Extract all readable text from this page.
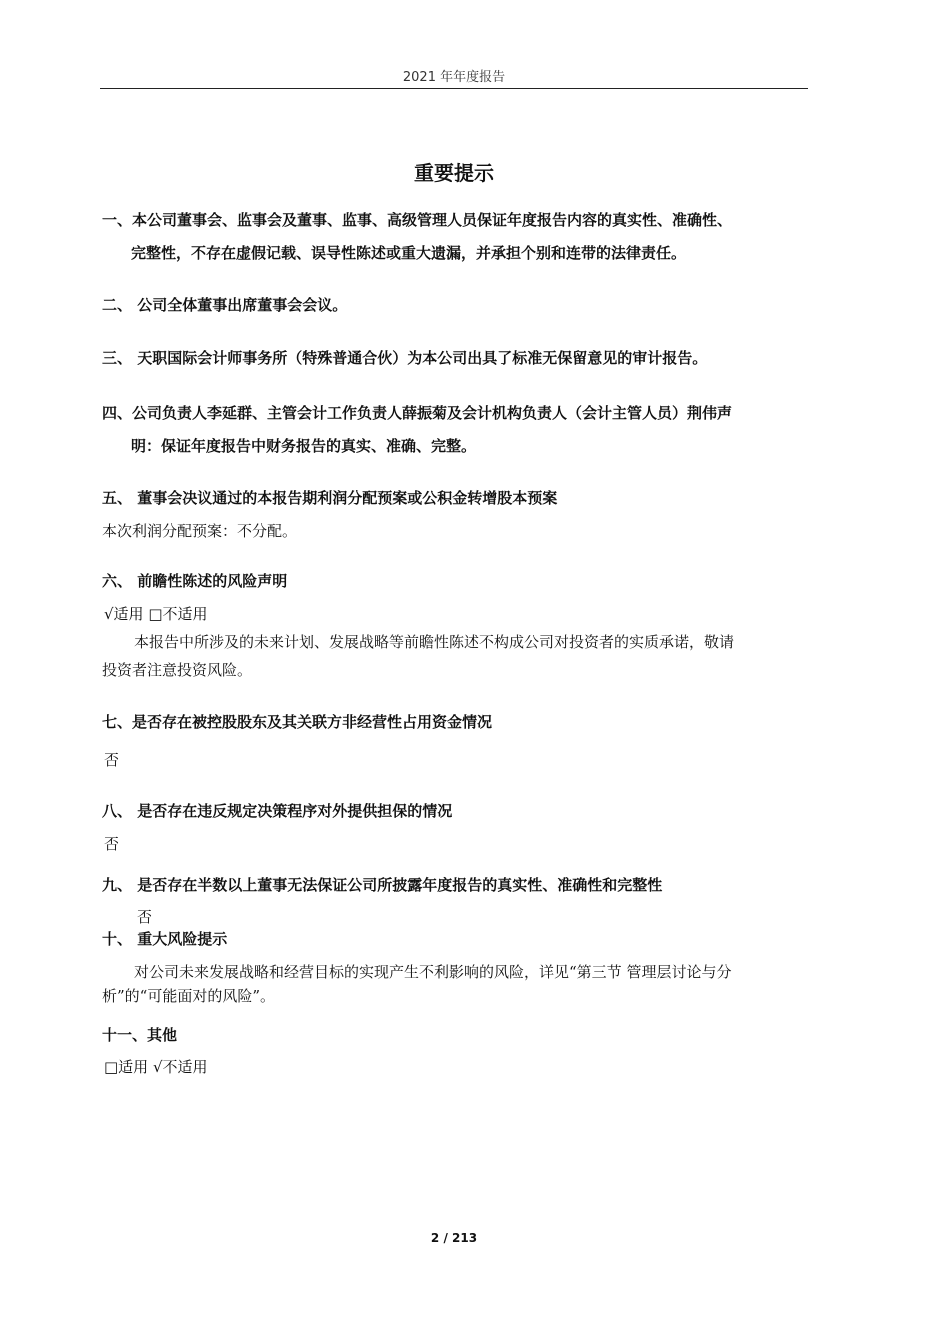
2021 年年度报告
重要提示
一、本公司董事会、监事会及董事、监事、高级管理人员保证年度报告内容的真实性、准确性、
完整性，不存在虚假记载、误导性陈述或重大遗漏，并承担个别和连带的法律责任。
二、 公司全体董事出席董事会会议。
三、 天职国际会计师事务所（特殊普通合伙）为本公司出具了标准无保留意见的审计报告。
四、公司负责人李延群、主管会计工作负责人薛振菊及会计机构负责人（会计主管人员）荆伟声
明：保证年度报告中财务报告的真实、准确、完整。
五、 董事会决议通过的本报告期利润分配预案或公积金转增股本预案
本次利润分配预案：不分配。
六、 前瞻性陈述的风险声明
√适用 □不适用
本报告中所涉及的未来计划、发展战略等前瞻性陈述不构成公司对投资者的实质承诺，敬请
投资者注意投资风险。
七、是否存在被控股股东及其关联方非经营性占用资金情况
否
八、 是否存在违反规定决策程序对外提供担保的情况
否
九、 是否存在半数以上董事无法保证公司所披露年度报告的真实性、准确性和完整性
否
十、 重大风险提示
对公司未来发展战略和经营目标的实现产生不利影响的风险，详见“第三节 管理层讨论与分
析”的“可能面对的风险”。
十一、其他
□适用 √不适用
2 / 213
